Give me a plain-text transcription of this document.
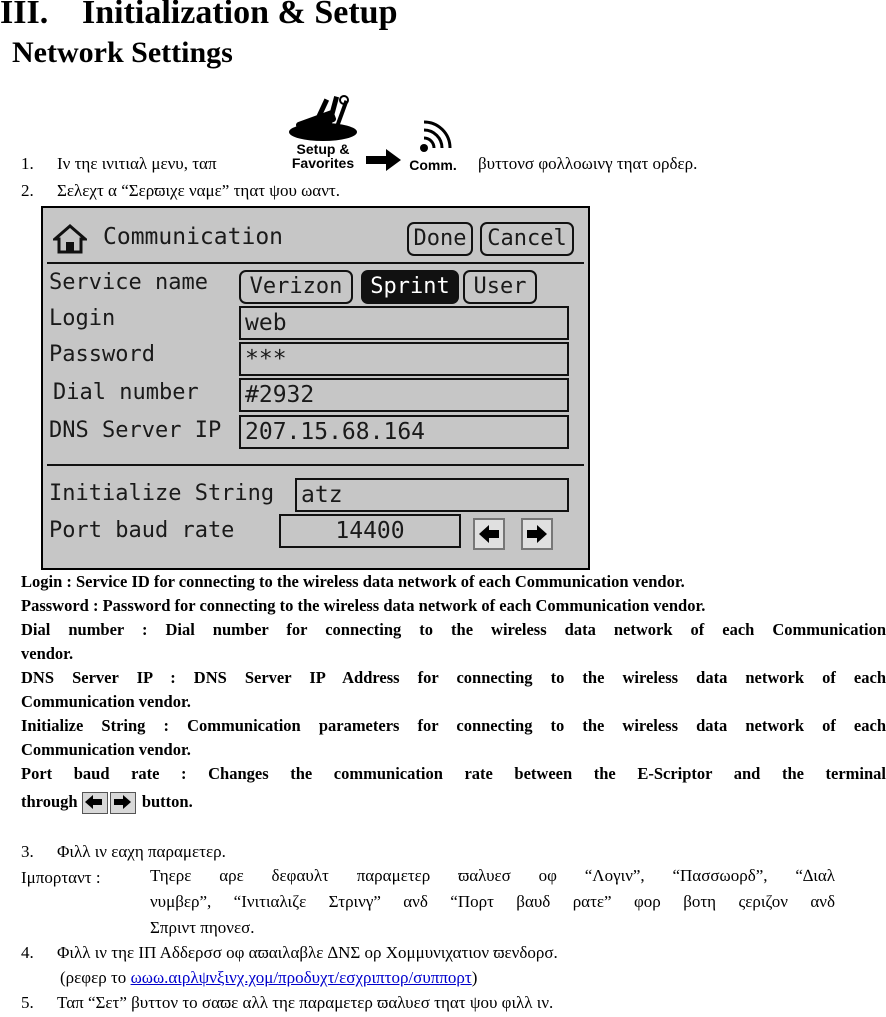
III. Initialization & Setup
Network Settings
Setup &
Favorites	Comm.
1. Ιν τηε ινιτιαλ μενυ, ταπ	βυττονσ φολλοωινγ τηατ ορδερ.
2. Σελεχτ α “Σερϖιχε ναμε” τηατ ψου ωαντ.
Communication	Done Cancel
Service name	Verizon	Sprint	User
Login	web
Password	***
Dial number #2932
DNS Server IP 207.15.68.164
Initialize String atz
Port baud rate	14400
Login : Service ID for connecting to the wireless data network of each Communication vendor.
Password : Password for connecting to the wireless data network of each Communication vendor.
Dial number : Dial number for connecting to the wireless data network of each Communication
vendor.
DNS Server IP : DNS Server IP Address for connecting to the wireless data network of each
Communication vendor.
Initialize String : Communication parameters for connecting to the wireless data network of each
Communication vendor.
Port baud rate : Changes the communication rate between the E-Scriptor and the terminal
through	button.
3. Φιλλ ιν εαχη παραμετερ.
Ιμπορταντ :	Τηερε αρε δεφαυλτ παραμετερ ϖαλυεσ οφ “Λογιν”, “Πασσωορδ”, “∆ιαλ
νυμβερ”, “Ινιτιαλιζε Στρινγ” ανδ “Πορτ βαυδ ρατε” φορ βοτη ςεριζον ανδ
Σπριντ πηονεσ.
4. Φιλλ ιν τηε ΙΠ Αδδερσσ οφ αϖαιλαβλε ∆ΝΣ ορ Χομμυνιχατιον ϖενδορσ.
(ρεφερ το ωωω.αιρλψνξινχ.χομ/προδυχτ/εσχριπτορ/συππορτ)
5. Ταπ “Σετ” βυττον το σαϖε αλλ τηε παραμετερ ϖαλυεσ τηατ ψου φιλλ ιν.
